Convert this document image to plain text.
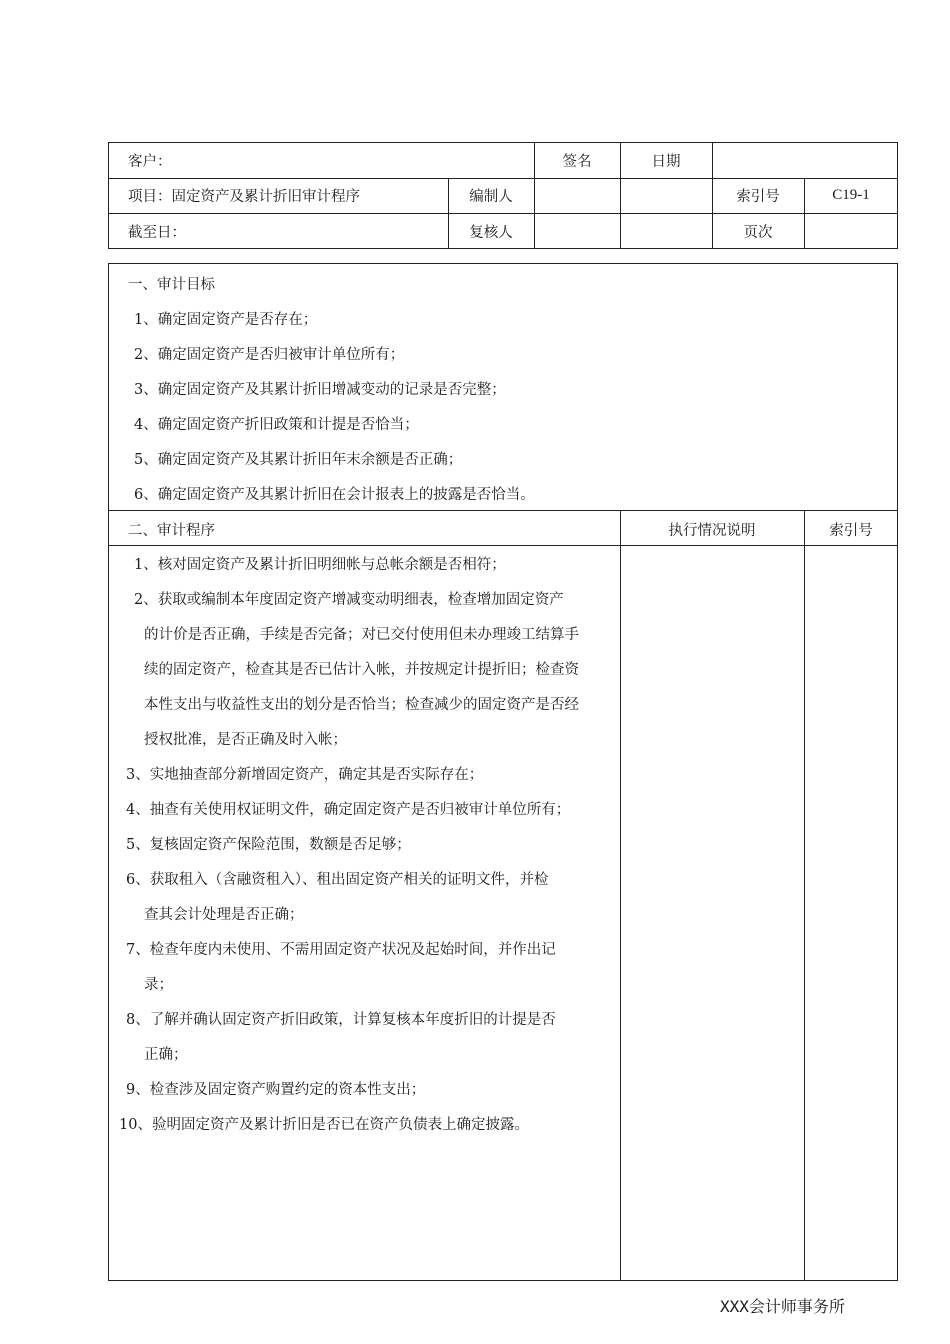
客户：	签名	日期
项目：固定资产及累计折旧审计程序	编制人	索引号	C19-1
截至日：	复核人	页次
一、审计目标
1、确定固定资产是否存在；
2、确定固定资产是否归被审计单位所有；
3、确定固定资产及其累计折旧增减变动的记录是否完整；
4、确定固定资产折旧政策和计提是否恰当；
5、确定固定资产及其累计折旧年末余额是否正确；
6、确定固定资产及其累计折旧在会计报表上的披露是否恰当。
二、审计程序	执行情况说明	索引号
1、核对固定资产及累计折旧明细帐与总帐余额是否相符；
2、获取或编制本年度固定资产增减变动明细表，检查增加固定资产
的计价是否正确，手续是否完备；对已交付使用但未办理竣工结算手
续的固定资产，检查其是否已估计入帐，并按规定计提折旧；检查资
本性支出与收益性支出的划分是否恰当；检查减少的固定资产是否经
授权批准，是否正确及时入帐；
3、实地抽查部分新增固定资产，确定其是否实际存在；
4、抽查有关使用权证明文件，确定固定资产是否归被审计单位所有；
5、复核固定资产保险范围，数额是否足够；
6、获取租入（含融资租入）、租出固定资产相关的证明文件，并检
查其会计处理是否正确；
7、检查年度内未使用、不需用固定资产状况及起始时间，并作出记
录；
8、了解并确认固定资产折旧政策，计算复核本年度折旧的计提是否
正确；
9、检查涉及固定资产购置约定的资本性支出；
10、验明固定资产及累计折旧是否已在资产负债表上确定披露。
XXX会计师事务所
